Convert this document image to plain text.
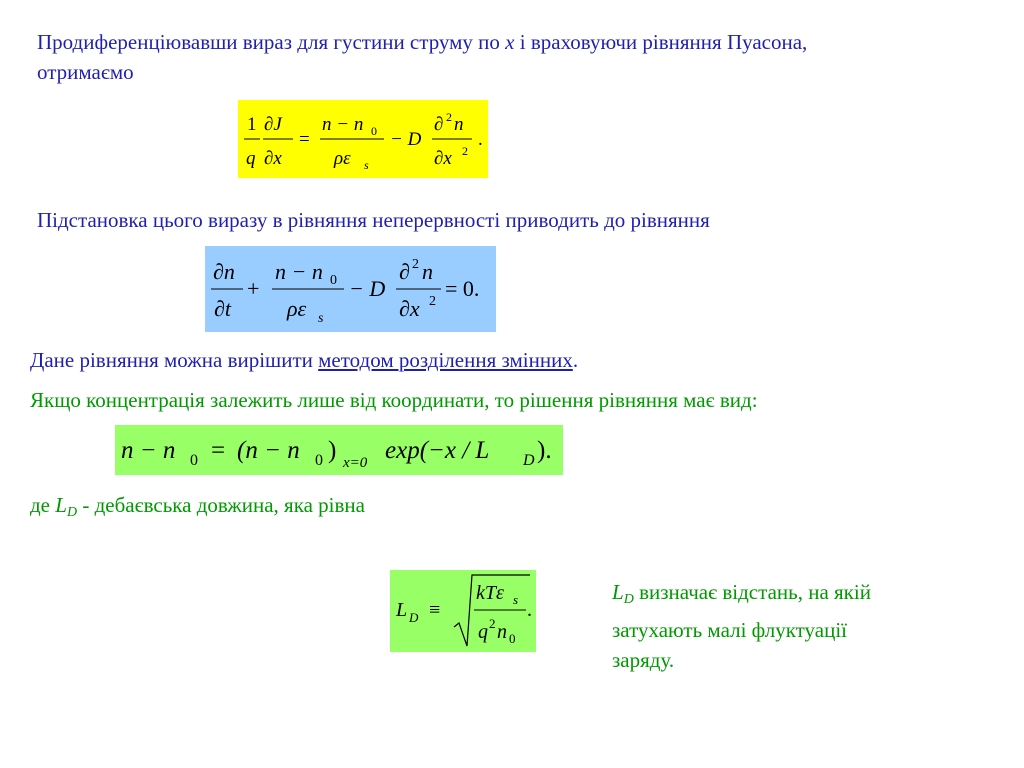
Продиференціювавши вираз для густини струму по x і враховуючи рівняння Пуасона,
отримаємо

1
q
∂J
∂x
=
n − n 0
ρε s
− D
∂ 2 n
∂x 2
.

Підстановка цього виразу в рівняння неперервності приводить до рівняння

∂n
∂t
+
n − n 0
ρε s
− D
∂ 2 n
∂x 2
= 0.

Дане рівняння можна вирішити методом розділення змінних.

Якщо концентрація залежить лише від координати, то рішення рівняння має вид:

n − n 0 = (n − n 0 ) x=0 exp(−x / L D ).

де $L_D$ - дебаєвська довжина, яка рівна

L D ≡
kTε s
q 2 n 0
.

$L_D$ визначає відстань, на якій
затухають малі флуктуації
заряду.
